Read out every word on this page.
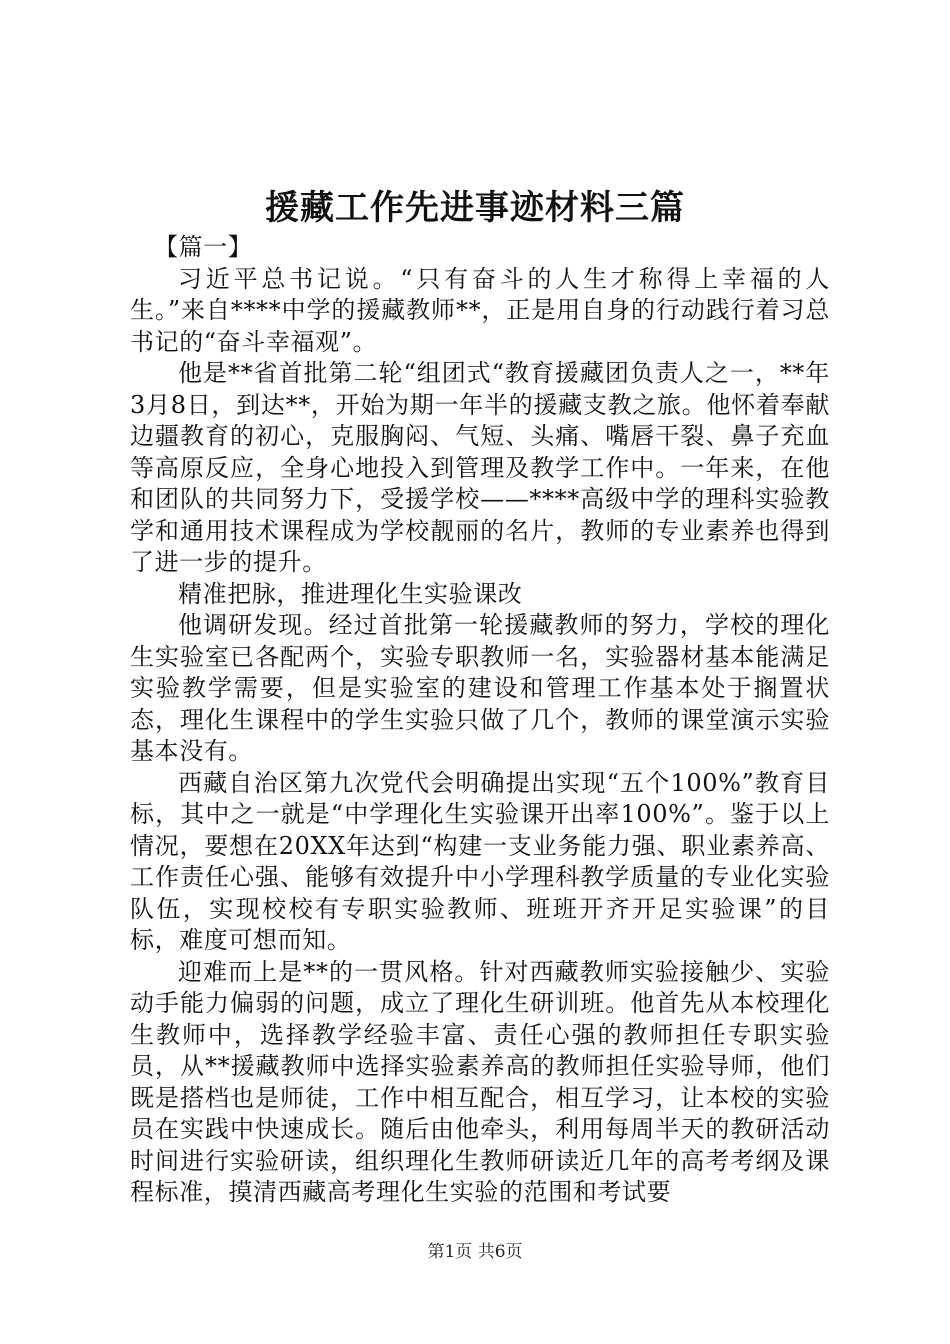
援藏工作先进事迹材料三篇

【篇一】

习近平总书记说。“只有奋斗的人生才称得上幸福的人生。”来自****中学的援藏教师**，正是用自身的行动践行着习总书记的“奋斗幸福观”。

他是**省首批第二轮“组团式“教育援藏团负责人之一，**年3月8日，到达**，开始为期一年半的援藏支教之旅。他怀着奉献边疆教育的初心，克服胸闷、气短、头痛、嘴唇干裂、鼻子充血等高原反应，全身心地投入到管理及教学工作中。一年来，在他和团队的共同努力下，受援学校——****高级中学的理科实验教学和通用技术课程成为学校靓丽的名片，教师的专业素养也得到了进一步的提升。

精准把脉，推进理化生实验课改

他调研发现。经过首批第一轮援藏教师的努力，学校的理化生实验室已各配两个，实验专职教师一名，实验器材基本能满足实验教学需要，但是实验室的建设和管理工作基本处于搁置状态，理化生课程中的学生实验只做了几个，教师的课堂演示实验基本没有。

西藏自治区第九次党代会明确提出实现“五个100%”教育目标，其中之一就是“中学理化生实验课开出率100%”。鉴于以上情况，要想在20XX年达到“构建一支业务能力强、职业素养高、工作责任心强、能够有效提升中小学理科教学质量的专业化实验队伍，实现校校有专职实验教师、班班开齐开足实验课”的目标，难度可想而知。

迎难而上是**的一贯风格。针对西藏教师实验接触少、实验动手能力偏弱的问题，成立了理化生研训班。他首先从本校理化生教师中，选择教学经验丰富、责任心强的教师担任专职实验员，从**援藏教师中选择实验素养高的教师担任实验导师，他们既是搭档也是师徒，工作中相互配合，相互学习，让本校的实验员在实践中快速成长。随后由他牵头，利用每周半天的教研活动时间进行实验研读，组织理化生教师研读近几年的高考考纲及课程标准，摸清西藏高考理化生实验的范围和考试要

第1页 共6页
